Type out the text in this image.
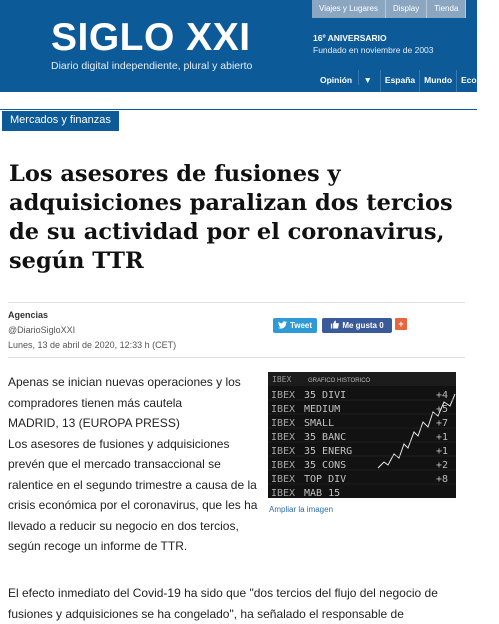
Viajes y Lugares	Display	Tienda
SIGLO XXI
Diario digital independiente, plural y abierto
16º ANIVERSARIO
Fundado en noviembre de 2003
Opinión ▼	España	Mundo	Econom
Mercados y finanzas
Los asesores de fusiones y adquisiciones paralizan dos tercios de su actividad por el coronavirus, según TTR
Agencias
@DiarioSigloXXI
Lunes, 13 de abril de 2020, 12:33 h (CET)
Tweet	Me gusta 0	+

Apenas se inician nuevas operaciones y los compradores tienen más cautela

MADRID, 13 (EUROPA PRESS)

Los asesores de fusiones y adquisiciones prevén que el mercado transaccional se ralentice en el segundo trimestre a causa de la crisis económica por el coronavirus, que les ha llevado a reducir su negocio en dos tercios, según recoge un informe de TTR.

IBEX	GRAFICO HISTORICO
IBEX 35 DIVI	+4
IBEX MEDIUM	+5
IBEX SMALL	+7
IBEX 35 BANC	+1
IBEX 35 ENERG	+1
IBEX 35 CONS	+2
IBEX TOP DIV	+8
IBEX MAB 15
Ampliar la imagen
El efecto inmediato del Covid-19 ha sido que "dos tercios del flujo del negocio de
fusiones y adquisiciones se ha congelado", ha señalado el responsable de
